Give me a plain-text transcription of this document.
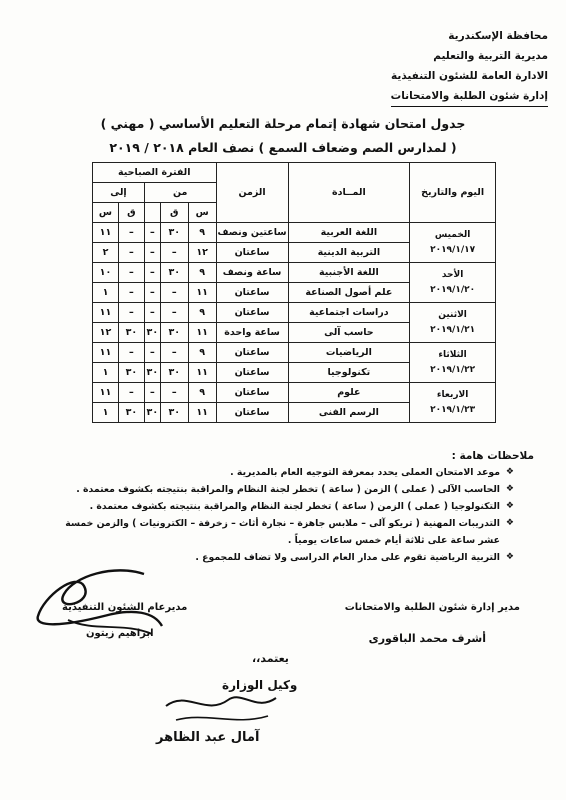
محافظة الإسكندرية
مديرية التربية والتعليم
الادارة العامة للشئون التنفيذية
إدارة شئون الطلبة والامتحانات
جدول امتحان شهادة إتمام مرحلة التعليم الأساسي ( مهني )
( لمدارس الصم وضعاف السمع ) نصف العام ٢٠١٨ / ٢٠١٩
اليوم والتاريخ	المــادة	الزمن	الفترة الصباحية				
			من			إلى	
			س	ق		ق	س

الخميس
٢٠١٩/١/١٧	اللغة العربية	ساعتين ونصف	٩	٣٠	–	–	١١
	التربية الدينية	ساعتان	١٢	–	–	–	٢

الأحد
٢٠١٩/١/٢٠	اللغة الأجنبية	ساعة ونصف	٩	٣٠	–	–	١٠
	علم أصول الصناعة	ساعتان	١١	–	–	–	١

الاثنين
٢٠١٩/١/٢١	دراسات اجتماعية	ساعتان	٩	–	–	–	١١
	حاسب آلى	ساعة واحدة	١١	٣٠	٣٠	٣٠	١٢

الثلاثاء
٢٠١٩/١/٢٢	الرياضيات	ساعتان	٩	–	–	–	١١
	تكنولوجيا	ساعتان	١١	٣٠	٣٠	٣٠	١

الاربعاء
٢٠١٩/١/٢٣	علوم	ساعتان	٩	–	–	–	١١
	الرسم الفنى	ساعتان	١١	٣٠	٣٠	٣٠	١
ملاحظات هامة :
❖
موعد الامتحان العملى يحدد بمعرفة التوجيه العام بالمديرية .
❖
الحاسب الآلى ( عملى ) الزمن ( ساعة ) تخطر لجنة النظام والمراقبة بنتيجته بكشوف معتمدة .
❖
التكنولوجيا ( عملى ) الزمن ( ساعة ) تخطر لجنة النظام والمراقبة بنتيجته بكشوف معتمدة .
❖
التدريبات المهنية ( تريكو آلى – ملابس جاهزة – نجارة أثاث – زخرفة – الكترونيات ) والزمن خمسة عشر ساعة على ثلاثة أيام خمس ساعات يومياً .
❖
التربية الرياضية تقوم على مدار العام الدراسى ولا تضاف للمجموع .
مدير إدارة شئون الطلبة والامتحانات
أشرف محمد الباقورى
مديرعام الشئون التنفيذية
ابراهيم زيتون
يعتمد،،
وكيل الوزارة
آمال عبد الظاهر
